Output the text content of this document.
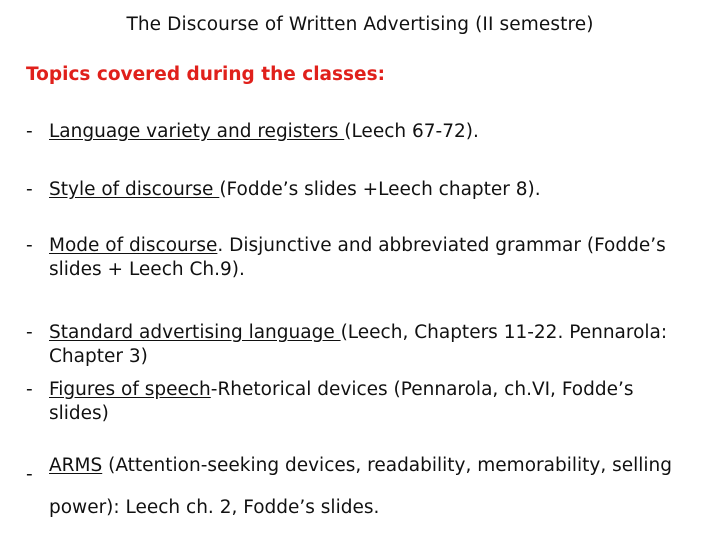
The Discourse of Written Advertising (II semestre)
Topics covered during the classes:
- Language variety and registers (Leech 67-72).
- Style of discourse (Fodde’s slides +Leech chapter 8).
- Mode of discourse. Disjunctive and abbreviated grammar (Fodde’s
slides + Leech Ch.9).
- Standard advertising language (Leech, Chapters 11-22. Pennarola:
Chapter 3)
- Figures of speech-Rhetorical devices (Pennarola, ch.VI, Fodde’s
slides)
- ARMS (Attention-seeking devices, readability, memorability, selling
power): Leech ch. 2, Fodde’s slides.
